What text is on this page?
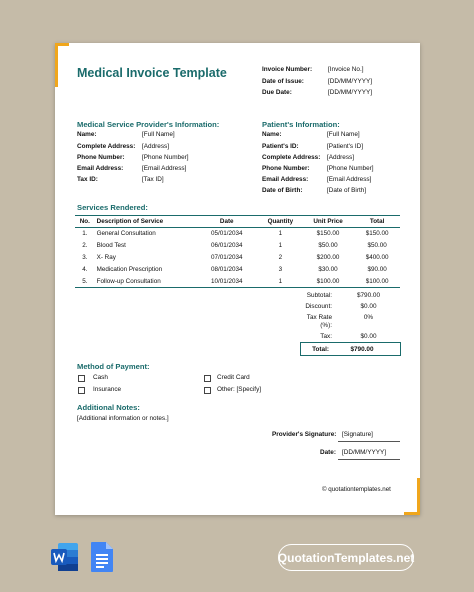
Medical Invoice Template	Invoice Number: [Invoice No.]
Date of Issue:	[DD/MM/YYYY]
Due Date:	[DD/MM/YYYY]
Medical Service Provider's Information:
Name:	[Full Name]
Complete Address: [Address]
Phone Number:	[Phone Number]
Email Address:	[Email Address]
Tax ID:	[Tax ID]
Patient's Information:
Name:	[Full Name]
Patient's ID:	[Patient's ID]
Complete Address: [Address]
Phone Number:	[Phone Number]
Email Address:	[Email Address]
Date of Birth:	[Date of Birth]
Services Rendered:
No.	Description of Service	Date	Quantity	Unit Price	Total
1.	General Consultation	05/01/2034	1	$150.00	$150.00
2.	Blood Test	06/01/2034	1	$50.00	$50.00
3.	X- Ray	07/01/2034	2	$200.00	$400.00
4.	Medication Prescription	08/01/2034	3	$30.00	$90.00
5.	Follow-up Consultation	10/01/2034	1	$100.00	$100.00
Subtotal:	$790.00
Discount:	$0.00
Tax Rate	0%
(%):
Tax:	$0.00
Total:	$790.00
Method of Payment:
Cash
Insurance
Credit Card
Other: [Specify]
Additional Notes:
[Additional information or notes.]
Provider's Signature: [Signature]
Date: [DD/MM/YYYY]
© quotationtemplates.net
QuotationTemplates.net
